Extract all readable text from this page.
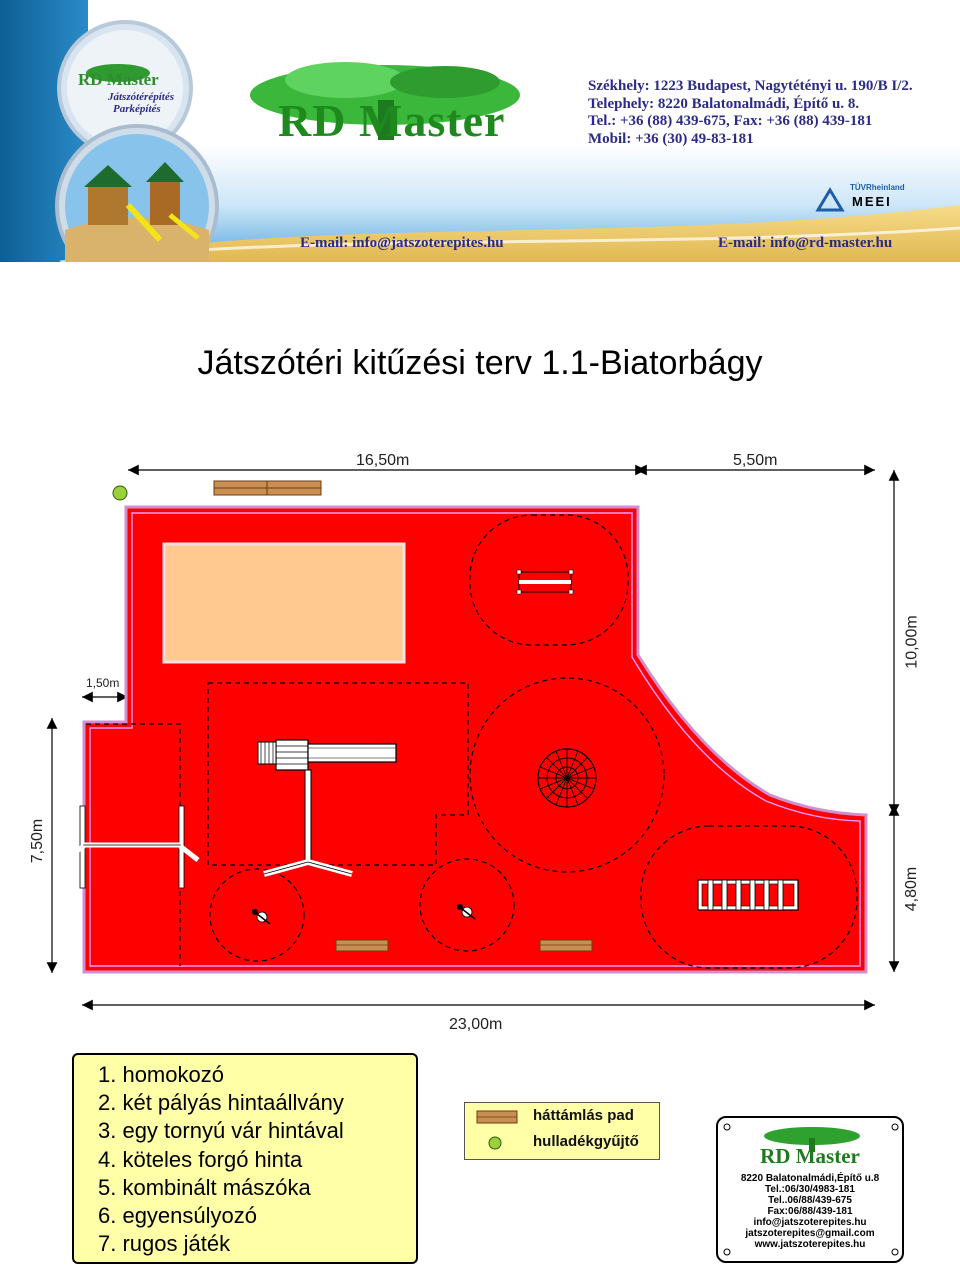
RD Master
Játszótérépítés
Parképítés	RD Master
Székhely: 1223 Budapest, Nagytétényi u. 190/B I/2.
Telephely: 8220 Balatonalmádi, Építő u. 8.
Tel.: +36 (88) 439-675, Fax: +36 (88) 439-181
Mobil: +36 (30) 49-83-181
TÜVRheinland
MEEI
E-mail: info@jatszoterepites.hu	E-mail: info@rd-master.hu
Játszótéri kitűzési terv 1.1-Biatorbágy
16,50m	5,50m
10,00m
4,80m
7,50m
1,50m
23,00m
1. homokozó
2. két pályás hintaállvány
3. egy tornyú vár hintával
4. köteles forgó hinta
5. kombinált mászóka
6. egyensúlyozó
7. rugos játék
háttámlás pad
hulladékgyűjtő
RD Master
8220 Balatonalmádi,Építő u.8
Tel.:06/30/4983-181
Tel..06/88/439-675
Fax:06/88/439-181
info@jatszoterepites.hu
jatszoterepites@gmail.com
www.jatszoterepites.hu
